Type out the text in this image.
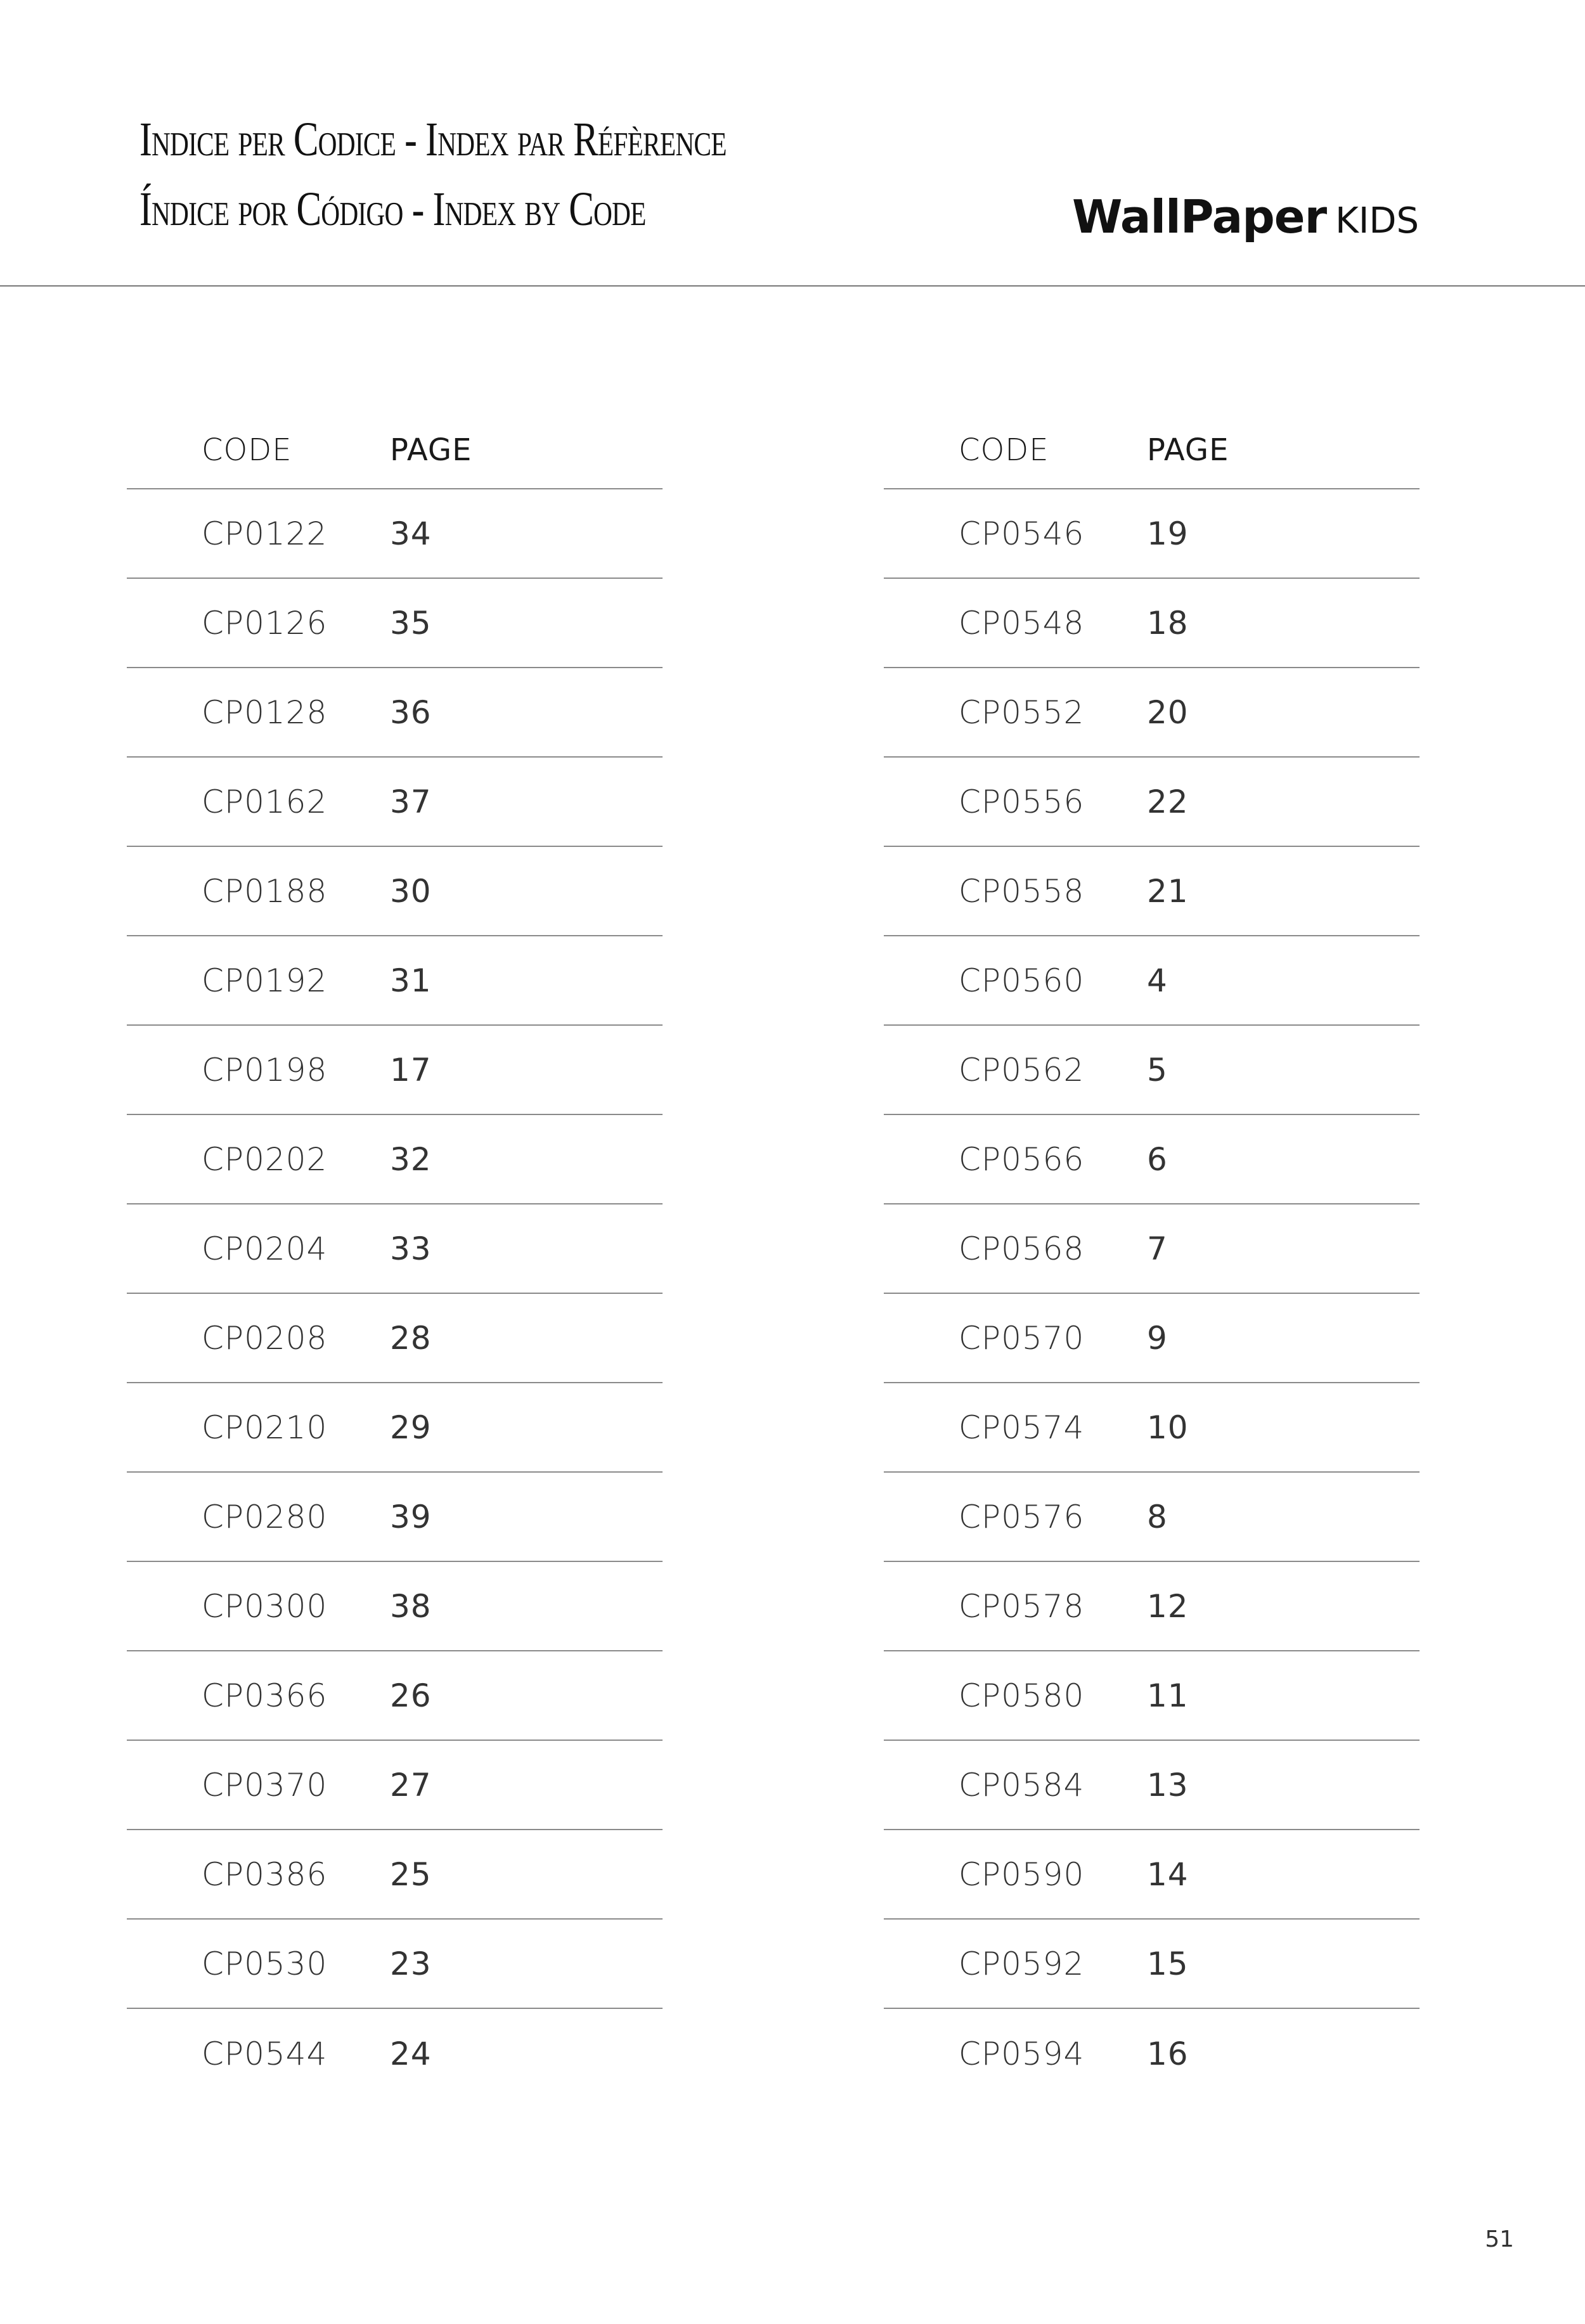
Indice per Codice - Index par Réfèrence
Índice por Código - Index by Code	WallPaper KIDS
CODE	PAGE
CP0122	34
CP0126	35
CP0128	36
CP0162	37
CP0188	30
CP0192	31
CP0198	17
CP0202	32
CP0204	33
CP0208	28
CP0210	29
CP0280	39
CP0300	38
CP0366	26
CP0370	27
CP0386	25
CP0530	23
CP0544	24
CODE	PAGE
CP0546	19
CP0548	18
CP0552	20
CP0556	22
CP0558	21
CP0560	4
CP0562	5
CP0566	6
CP0568	7
CP0570	9
CP0574	10
CP0576	8
CP0578	12
CP0580	11
CP0584	13
CP0590	14
CP0592	15
CP0594	16
51
